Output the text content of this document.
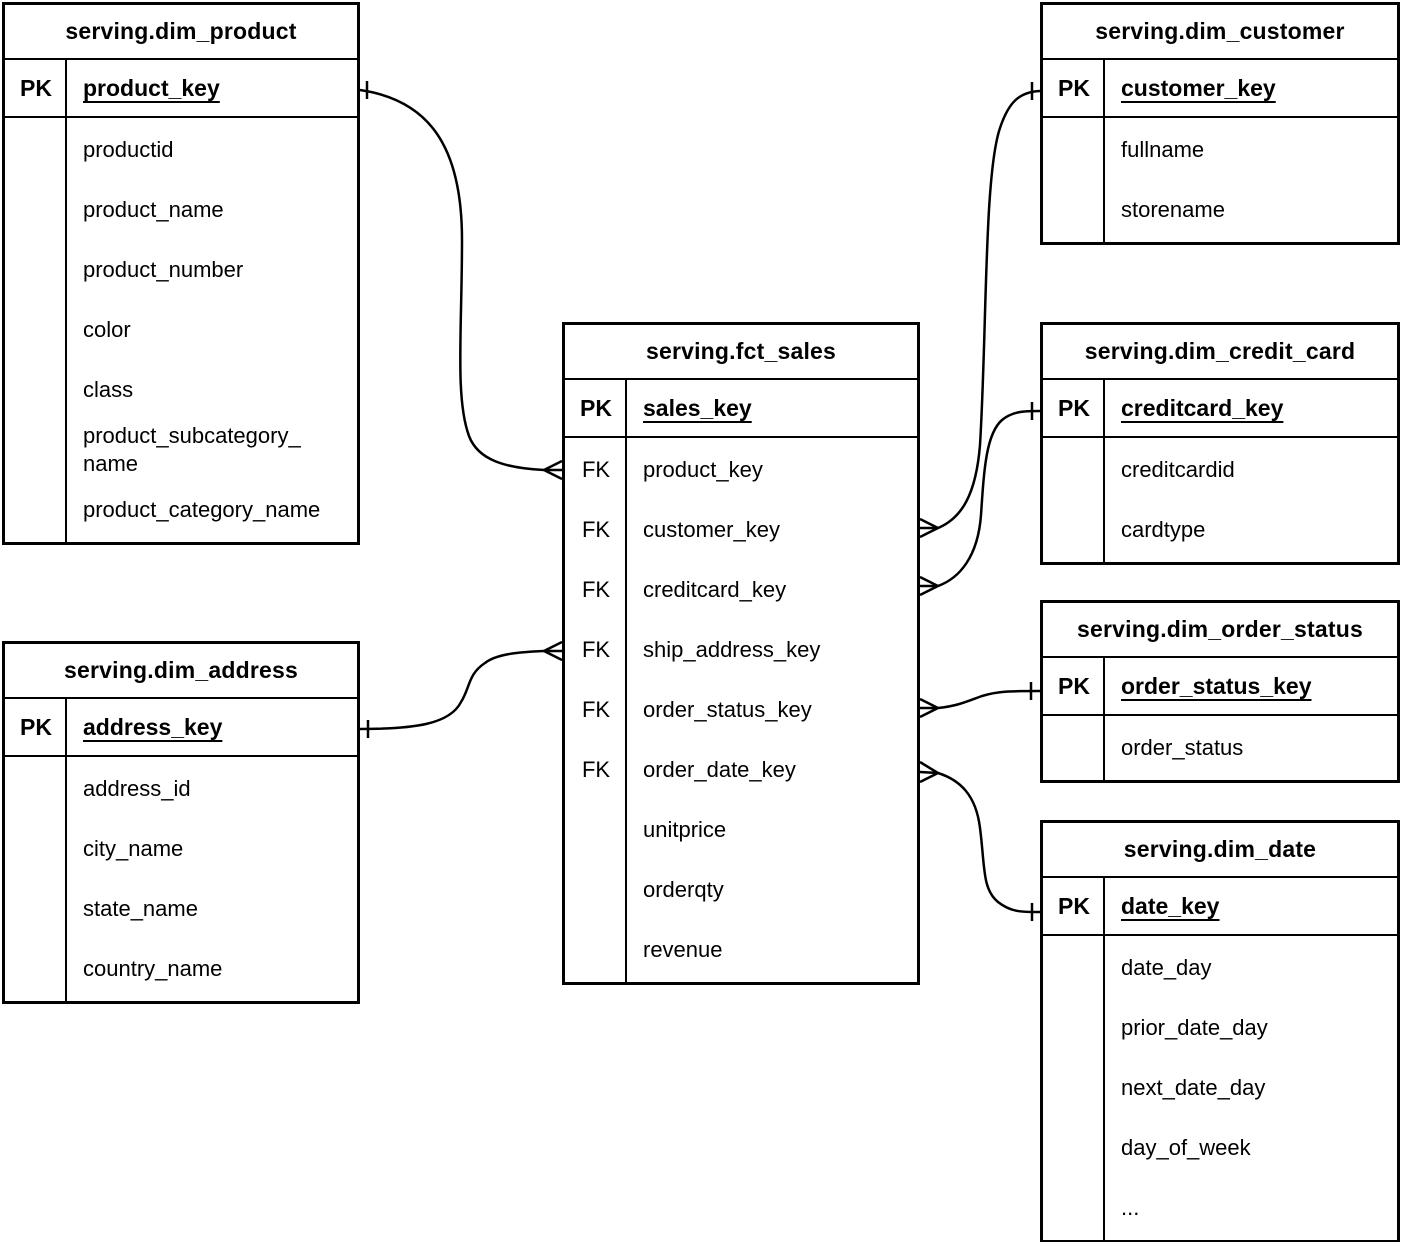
serving.dim_product
PK	product_key
productid
product_name
product_number
color
class
product_subcategory_​name
product_category_name
serving.dim_address
PK	address_key
address_id
city_name
state_name
country_name
serving.fct_sales
PK	sales_key
FK	product_key
FK	customer_key
FK	creditcard_key
FK	ship_address_key
FK	order_status_key
FK	order_date_key
unitprice
orderqty
revenue
serving.dim_customer
PK	customer_key
fullname
storename
serving.dim_credit_card
PK	creditcard_key
creditcardid
cardtype
serving.dim_order_status
PK	order_status_key
order_status
serving.dim_date
PK	date_key
date_day
prior_date_day
next_date_day
day_of_week
...
